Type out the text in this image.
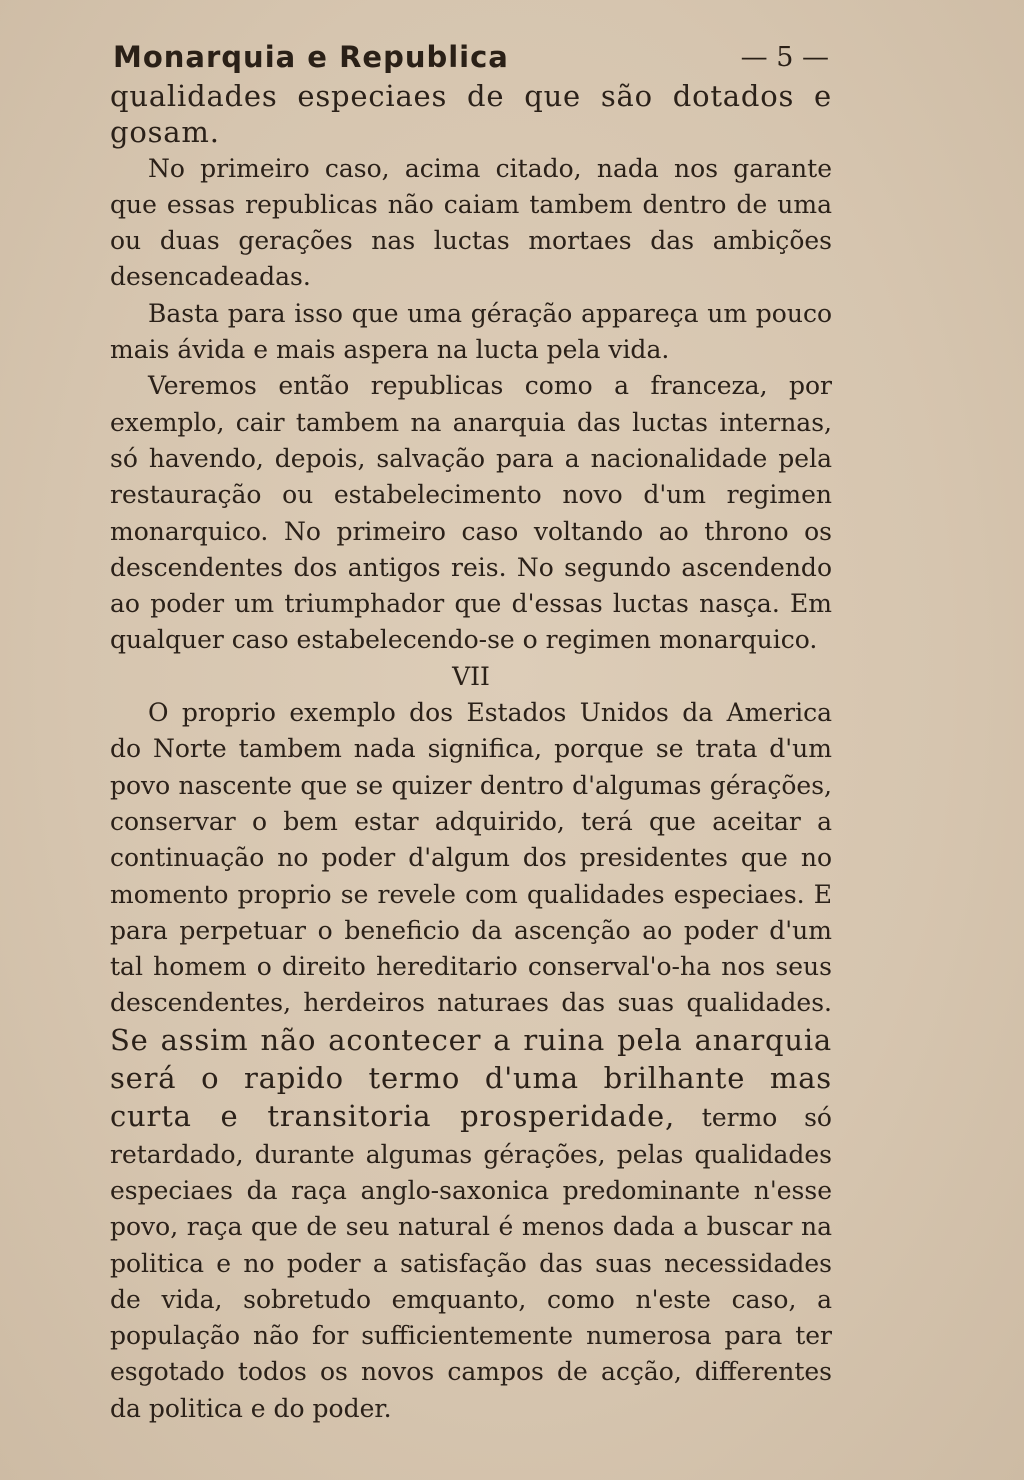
Monarquia e Republica	— 5 —

qualidades especiaes de que são dotados e gosam.

No primeiro caso, acima citado, nada nos garante que essas republicas não caiam tambem dentro de uma ou duas gerações nas luctas mortaes das ambições desencadeadas.

Basta para isso que uma géração appareça um pouco mais ávida e mais aspera na lucta pela vida.

Veremos então republicas como a franceza, por exemplo, cair tambem na anarquia das luctas internas, só havendo, depois, salvação para a nacionalidade pela restauração ou estabelecimento novo d'um regimen monarquico. No primeiro caso voltando ao throno os descendentes dos antigos reis. No segundo ascendendo ao poder um triumphador que d'essas luctas nasça. Em qualquer caso estabelecendo-se o regimen monarquico.

VII

O proprio exemplo dos Estados Unidos da America do Norte tambem nada significa, porque se trata d'um povo nascente que se quizer dentro d'algumas gérações, conservar o bem estar adquirido, terá que aceitar a continuação no poder d'algum dos presidentes que no momento proprio se revele com qualidades especiaes. E para perpetuar o beneficio da ascenção ao poder d'um tal homem o direito hereditario conserval'o-ha nos seus descendentes, herdeiros naturaes das suas qualidades. Se assim não acontecer a ruina pela anarquia será o rapido termo d'uma brilhante mas curta e transitoria prosperidade, termo só retardado, durante algumas gérações, pelas qualidades especiaes da raça anglo-saxonica predominante n'esse povo, raça que de seu natural é menos dada a buscar na politica e no poder a satisfação das suas necessidades de vida, sobretudo emquanto, como n'este caso, a população não for sufficientemente numerosa para ter esgotado todos os novos campos de acção, differentes da politica e do poder.
